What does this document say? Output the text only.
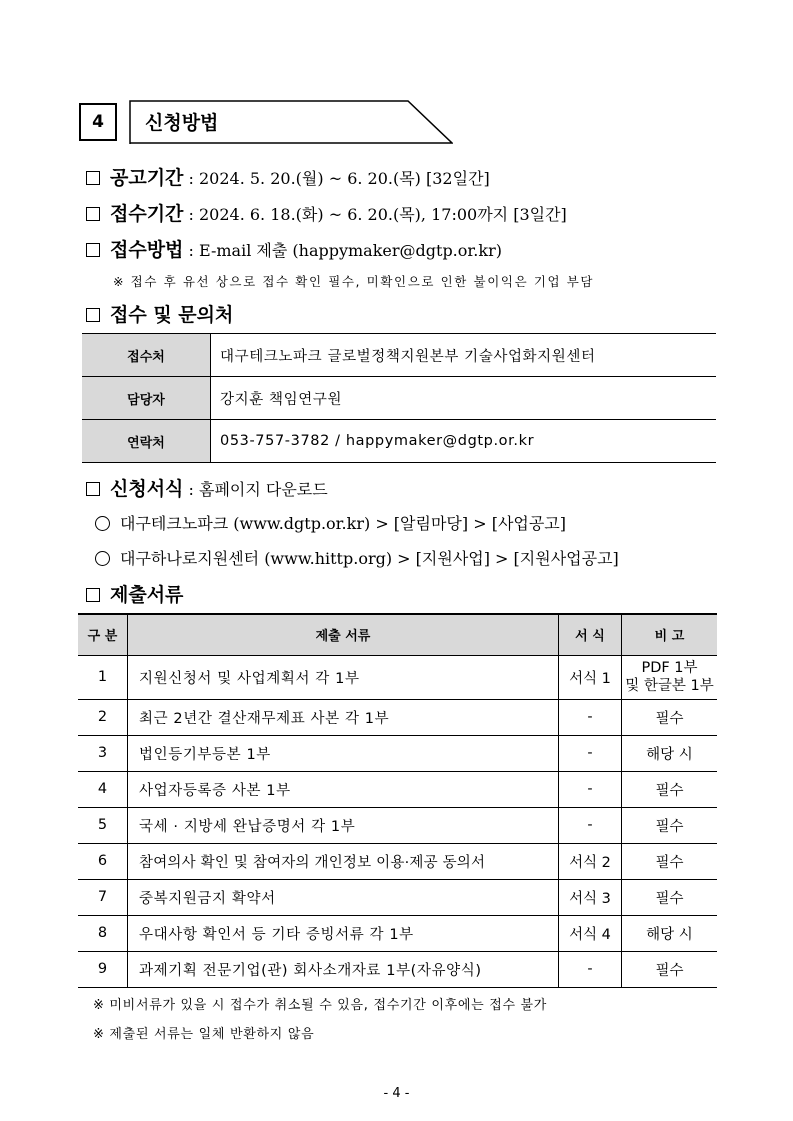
4	신청방법
공고기간 : 2024. 5. 20.(월) ~ 6. 20.(목) [32일간]
접수기간 : 2024. 6. 18.(화) ~ 6. 20.(목), 17:00까지 [3일간]
접수방법 : E-mail 제출 (happymaker@dgtp.or.kr)
※ 접수 후 유선 상으로 접수 확인 필수, 미확인으로 인한 불이익은 기업 부담
접수 및 문의처
접수처	대구테크노파크 글로벌정책지원본부 기술사업화지원센터
담당자	강지훈 책임연구원
연락처	053-757-3782 / happymaker@dgtp.or.kr
신청서식 : 홈페이지 다운로드
대구테크노파크 (www.dgtp.or.kr) > [알림마당] > [사업공고]
대구하나로지원센터 (www.hittp.org) > [지원사업] > [지원사업공고]
제출서류
구 분	제출 서류	서 식	비 고
1	지원신청서 및 사업계획서 각 1부	서식 1	PDF 1부
및 한글본 1부

2	최근 2년간 결산재무제표 사본 각 1부	-	필수
3	법인등기부등본 1부	-	해당 시
4	사업자등록증 사본 1부	-	필수
5	국세 · 지방세 완납증명서 각 1부	-	필수
6	참여의사 확인 및 참여자의 개인정보 이용·제공 동의서	서식 2	필수
7	중복지원금지 확약서	서식 3	필수
8	우대사항 확인서 등 기타 증빙서류 각 1부	서식 4	해당 시
9	과제기획 전문기업(관) 회사소개자료 1부(자유양식)	-	필수
※ 미비서류가 있을 시 접수가 취소될 수 있음, 접수기간 이후에는 접수 불가
※ 제출된 서류는 일체 반환하지 않음
- 4 -
